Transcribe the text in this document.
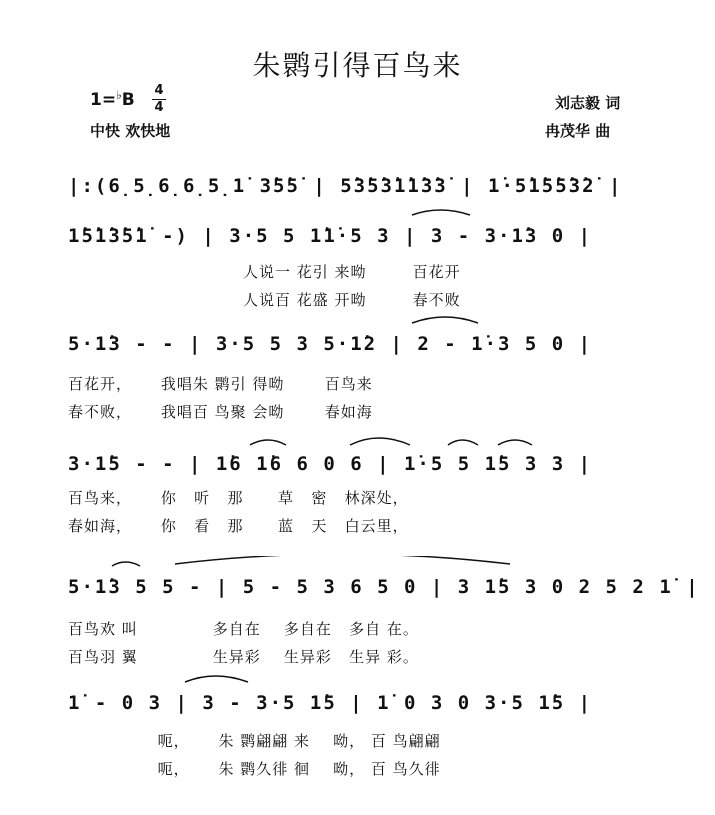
朱鹮引得百鸟来
1=♭B 4
4
中快 欢快地
刘志毅 词
冉茂华 曲
|:(6̣5̣6̣6̣5̣1̇ 3̇5̇5̇ | 5̇3̇5̇3̇1̇1̇3̇3̇ | 1̇·5̇1̇5̇5̇3̇2̇ |
1̇5̇1̇3̇5̇1̇ -) | 3·5 5 1̇1̇·5 3 | 3 - 3·1̇3 0 |
人说一 花引 来呦        百花开
人说百 花盛 开呦        春不败
5·1̇3 - - | 3·5 5 3 5·1̇2 | 2 - 1̇·3 5 0 |
百花开，     我唱朱 鹮引 得呦       百鸟来
春不败，     我唱百 鸟聚 会呦       春如海
3·1̇5 - - | 1̇6 1̇6 6 0 6 | 1̇·5 5 1̇5 3 3 |
百鸟来，     你   听   那      草   密   林深处，
春如海，     你   看   那      蓝   天   白云里，
5·1̇3 5 5 - | 5 - 5 3 6 5 0 | 3 1̇5 3 0 2 5 2 1̇ |
百鸟欢 叫             多自在    多自在   多自 在。
百鸟羽 翼             生异彩    生异彩   生异 彩。
1̇ - 0 3 | 3 - 3·5 1̇5 | 1̇ 0 3 0 3·5 1̇5 |
呃，     朱 鹮翩翩 来    呦， 百 鸟翩翩
呃，     朱 鹮久徘 徊    呦， 百 鸟久徘
